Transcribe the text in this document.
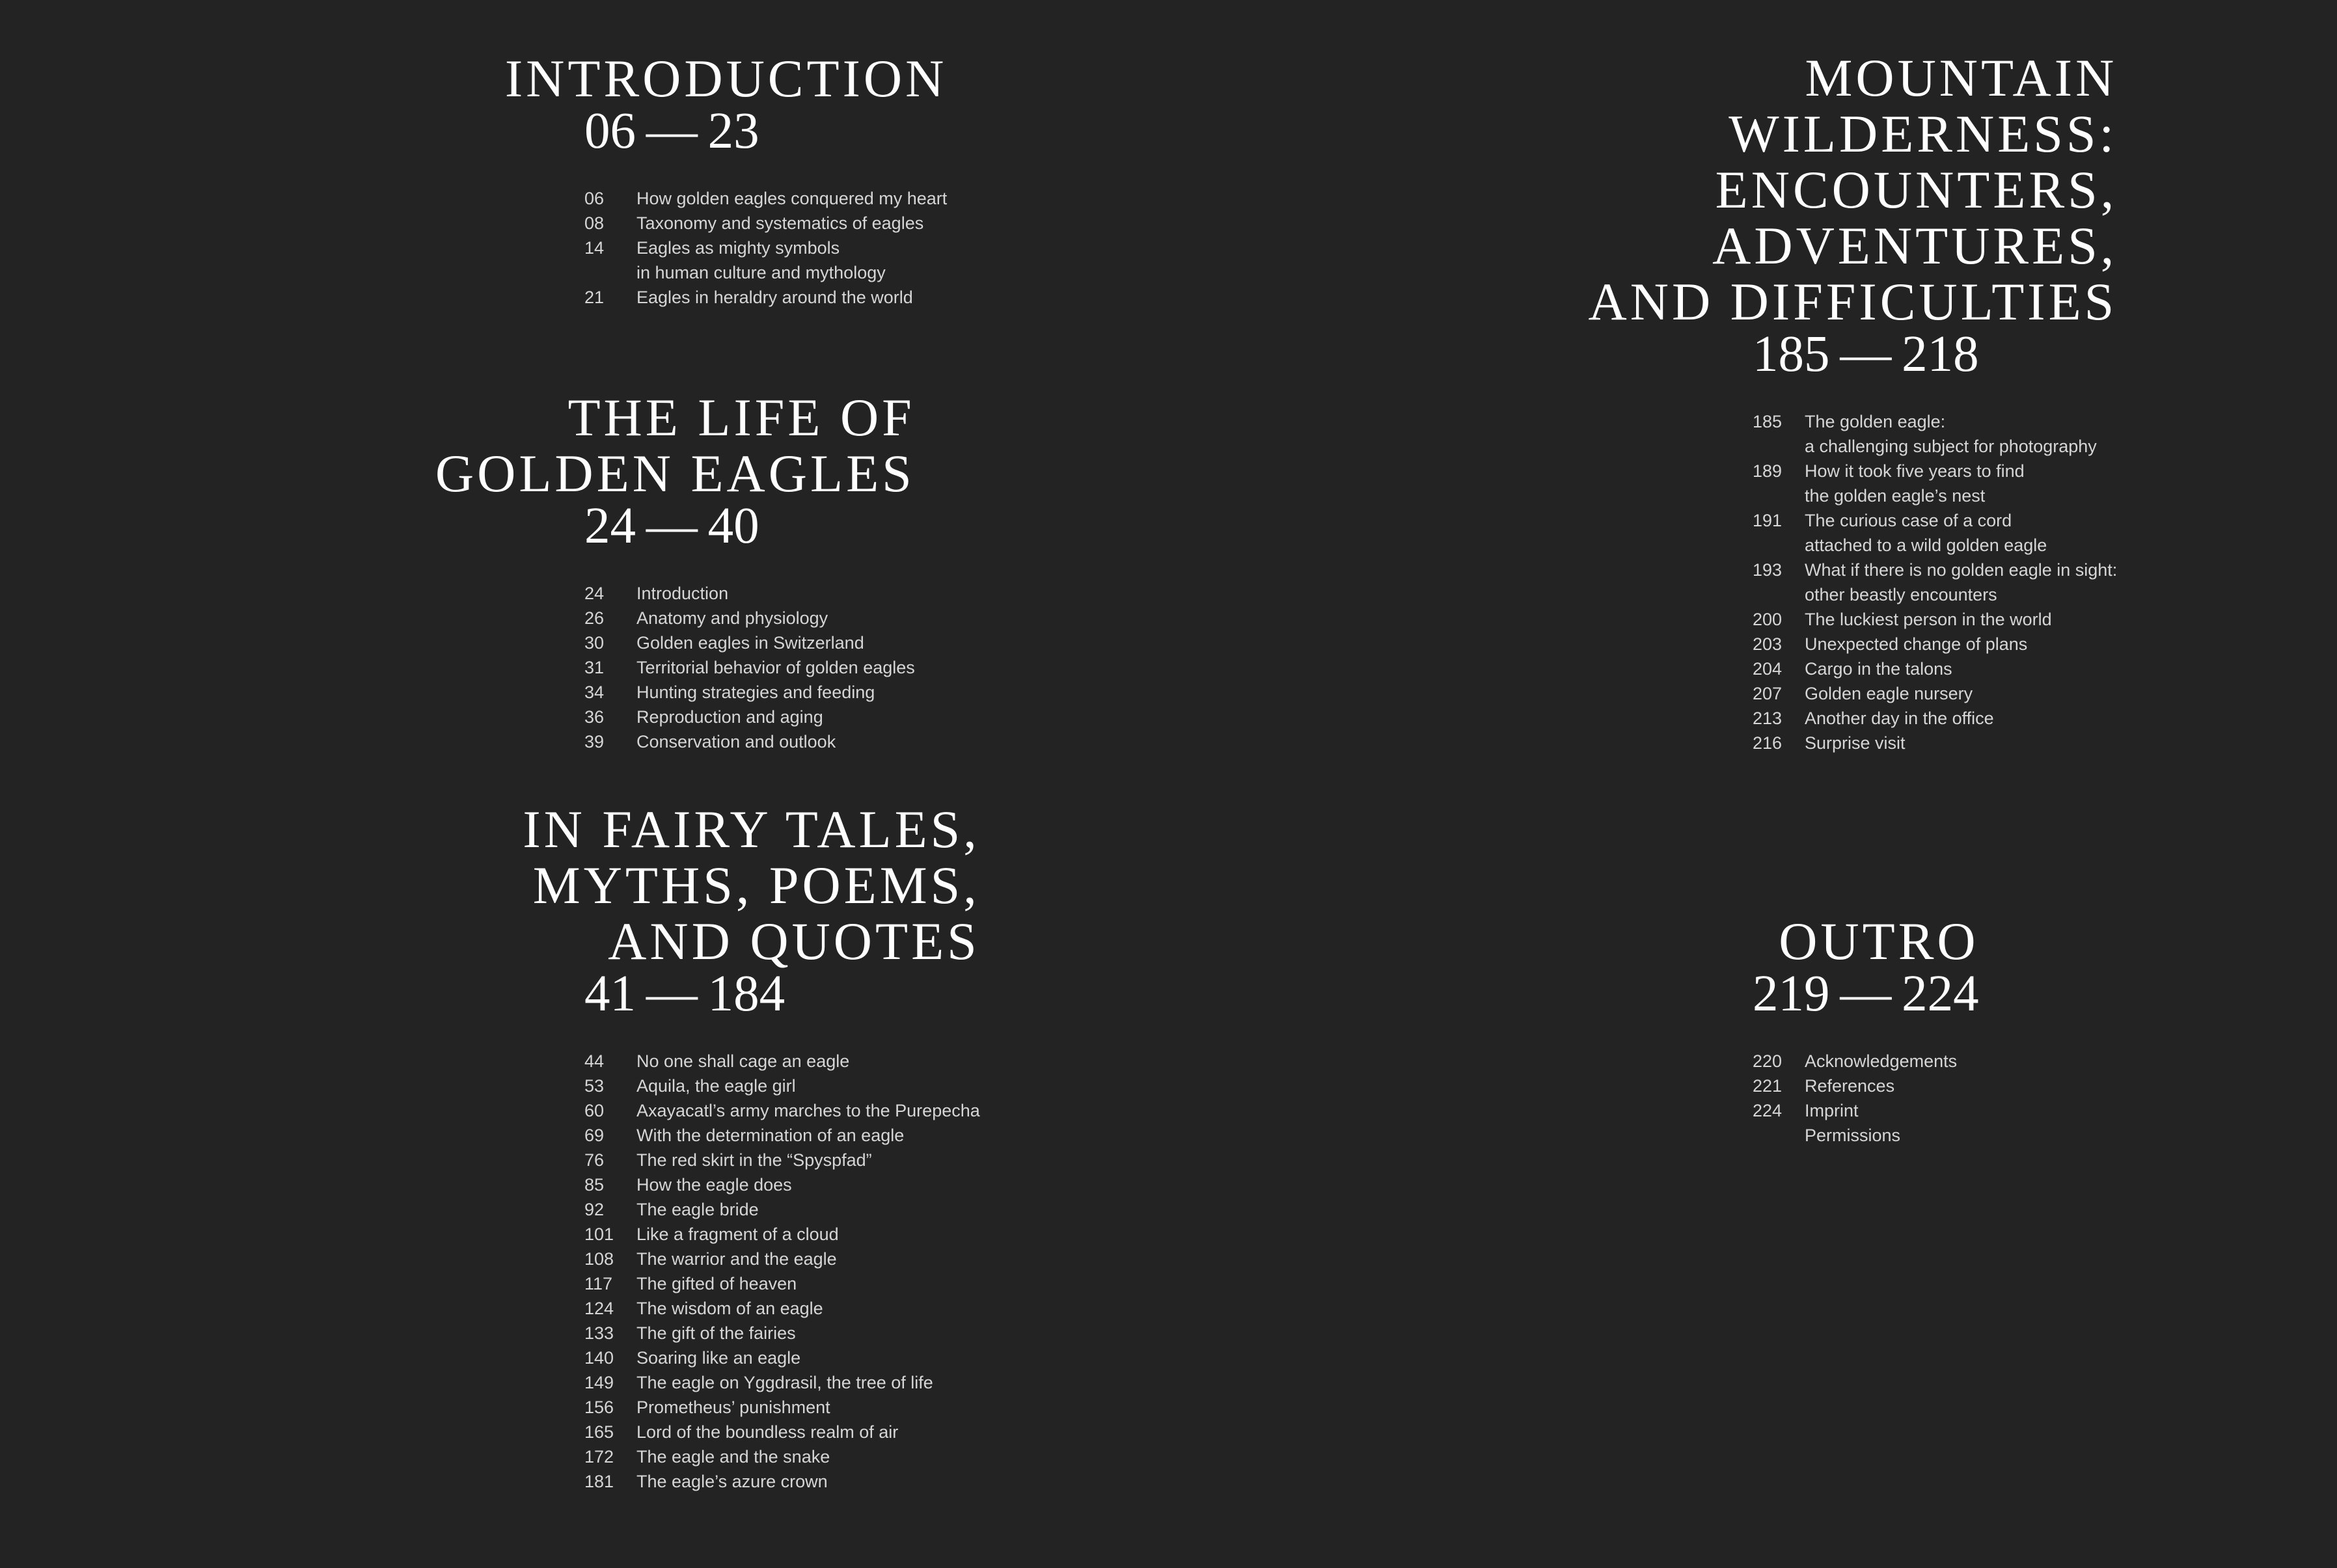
INTRODUCTION
06 — 23
06	How golden eagles conquered my heart
08	Taxonomy and systematics of eagles
14	Eagles as mighty symbols
in human culture and mythology
21	Eagles in heraldry around the world
THE LIFE OF
GOLDEN EAGLES
24 — 40
24	Introduction
26	Anatomy and physiology
30	Golden eagles in Switzerland
31	Territorial behavior of golden eagles
34	Hunting strategies and feeding
36	Reproduction and aging
39	Conservation and outlook
IN FAIRY TALES,
MYTHS, POEMS,
AND QUOTES
41 — 184
44	No one shall cage an eagle
53	Aquila, the eagle girl
60	Axayacatl’s army marches to the Purepecha
69	With the determination of an eagle
76	The red skirt in the “Spyspfad”
85	How the eagle does
92	The eagle bride
101	Like a fragment of a cloud
108	The warrior and the eagle
117	The gifted of heaven
124	The wisdom of an eagle
133	The gift of the fairies
140	Soaring like an eagle
149	The eagle on Yggdrasil, the tree of life
156	Prometheus’ punishment
165	Lord of the boundless realm of air
172	The eagle and the snake
181	The eagle’s azure crown
MOUNTAIN
WILDERNESS:
ENCOUNTERS,
ADVENTURES,
AND DIFFICULTIES
185 — 218
185	The golden eagle:
a challenging subject for photography
189	How it took five years to find
the golden eagle’s nest
191	The curious case of a cord
attached to a wild golden eagle
193	What if there is no golden eagle in sight:
other beastly encounters
200	The luckiest person in the world
203	Unexpected change of plans
204	Cargo in the talons
207	Golden eagle nursery
213	Another day in the office
216	Surprise visit
OUTRO
219 — 224
220	Acknowledgements
221	References
224	Imprint
Permissions
